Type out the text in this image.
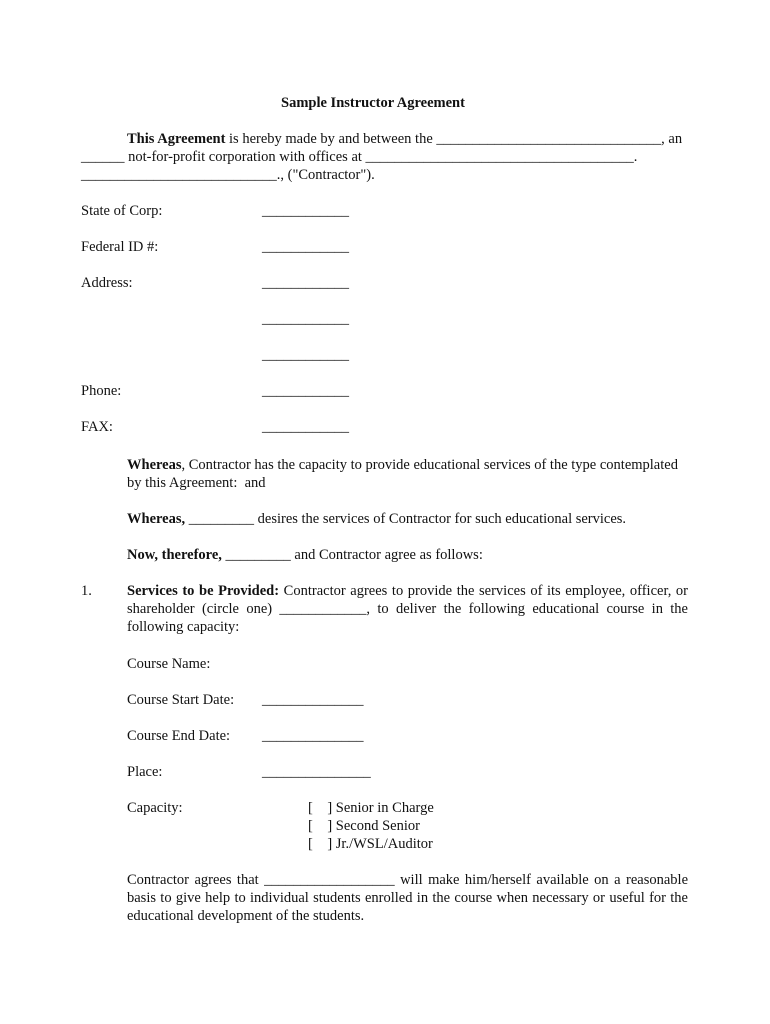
Sample Instructor Agreement
This Agreement is hereby made by and between the _______________________________, an
______ not-for-profit corporation with offices at _____________________________________.
___________________________., ("Contractor").
State of Corp:	____________
Federal ID #:	____________
Address:	____________
____________
____________
Phone:	____________
FAX:	____________
Whereas, Contractor has the capacity to provide educational services of the type contemplated
by this Agreement:  and
Whereas, _________ desires the services of Contractor for such educational services.
Now, therefore, _________ and Contractor agree as follows:
1. Services to be Provided: Contractor agrees to provide the services of its employee, officer, or
shareholder (circle one) ____________, to deliver the following educational course in the
following capacity:
Course Name:
Course Start Date: ______________
Course End Date: ______________
Place:	_______________
Capacity:	[    ] Senior in Charge
[    ] Second Senior
[    ] Jr./WSL/Auditor
Contractor agrees that __________________ will make him/herself available on a reasonable
basis to give help to individual students enrolled in the course when necessary or useful for the
educational development of the students.
